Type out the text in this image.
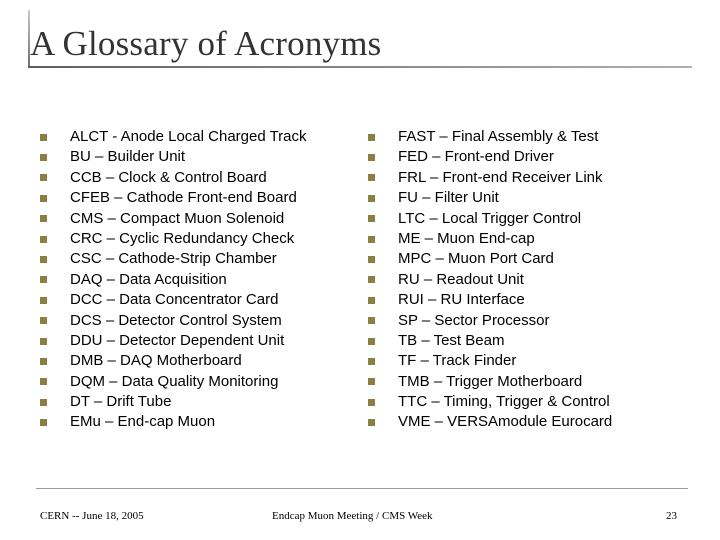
A Glossary of Acronyms
ALCT - Anode Local Charged Track
BU – Builder Unit
CCB – Clock & Control Board
CFEB – Cathode Front-end Board
CMS – Compact Muon Solenoid
CRC – Cyclic Redundancy Check
CSC – Cathode-Strip Chamber
DAQ – Data Acquisition
DCC – Data Concentrator Card
DCS – Detector Control System
DDU – Detector Dependent Unit
DMB – DAQ Motherboard
DQM – Data Quality Monitoring
DT – Drift Tube
EMu – End-cap Muon
FAST – Final Assembly & Test
FED – Front-end Driver
FRL – Front-end Receiver Link
FU – Filter Unit
LTC – Local Trigger Control
ME – Muon End-cap
MPC – Muon Port Card
RU – Readout Unit
RUI – RU Interface
SP – Sector Processor
TB – Test Beam
TF – Track Finder
TMB – Trigger Motherboard
TTC – Timing, Trigger & Control
VME – VERSAmodule Eurocard
CERN -- June 18, 2005	Endcap Muon Meeting / CMS Week	23
